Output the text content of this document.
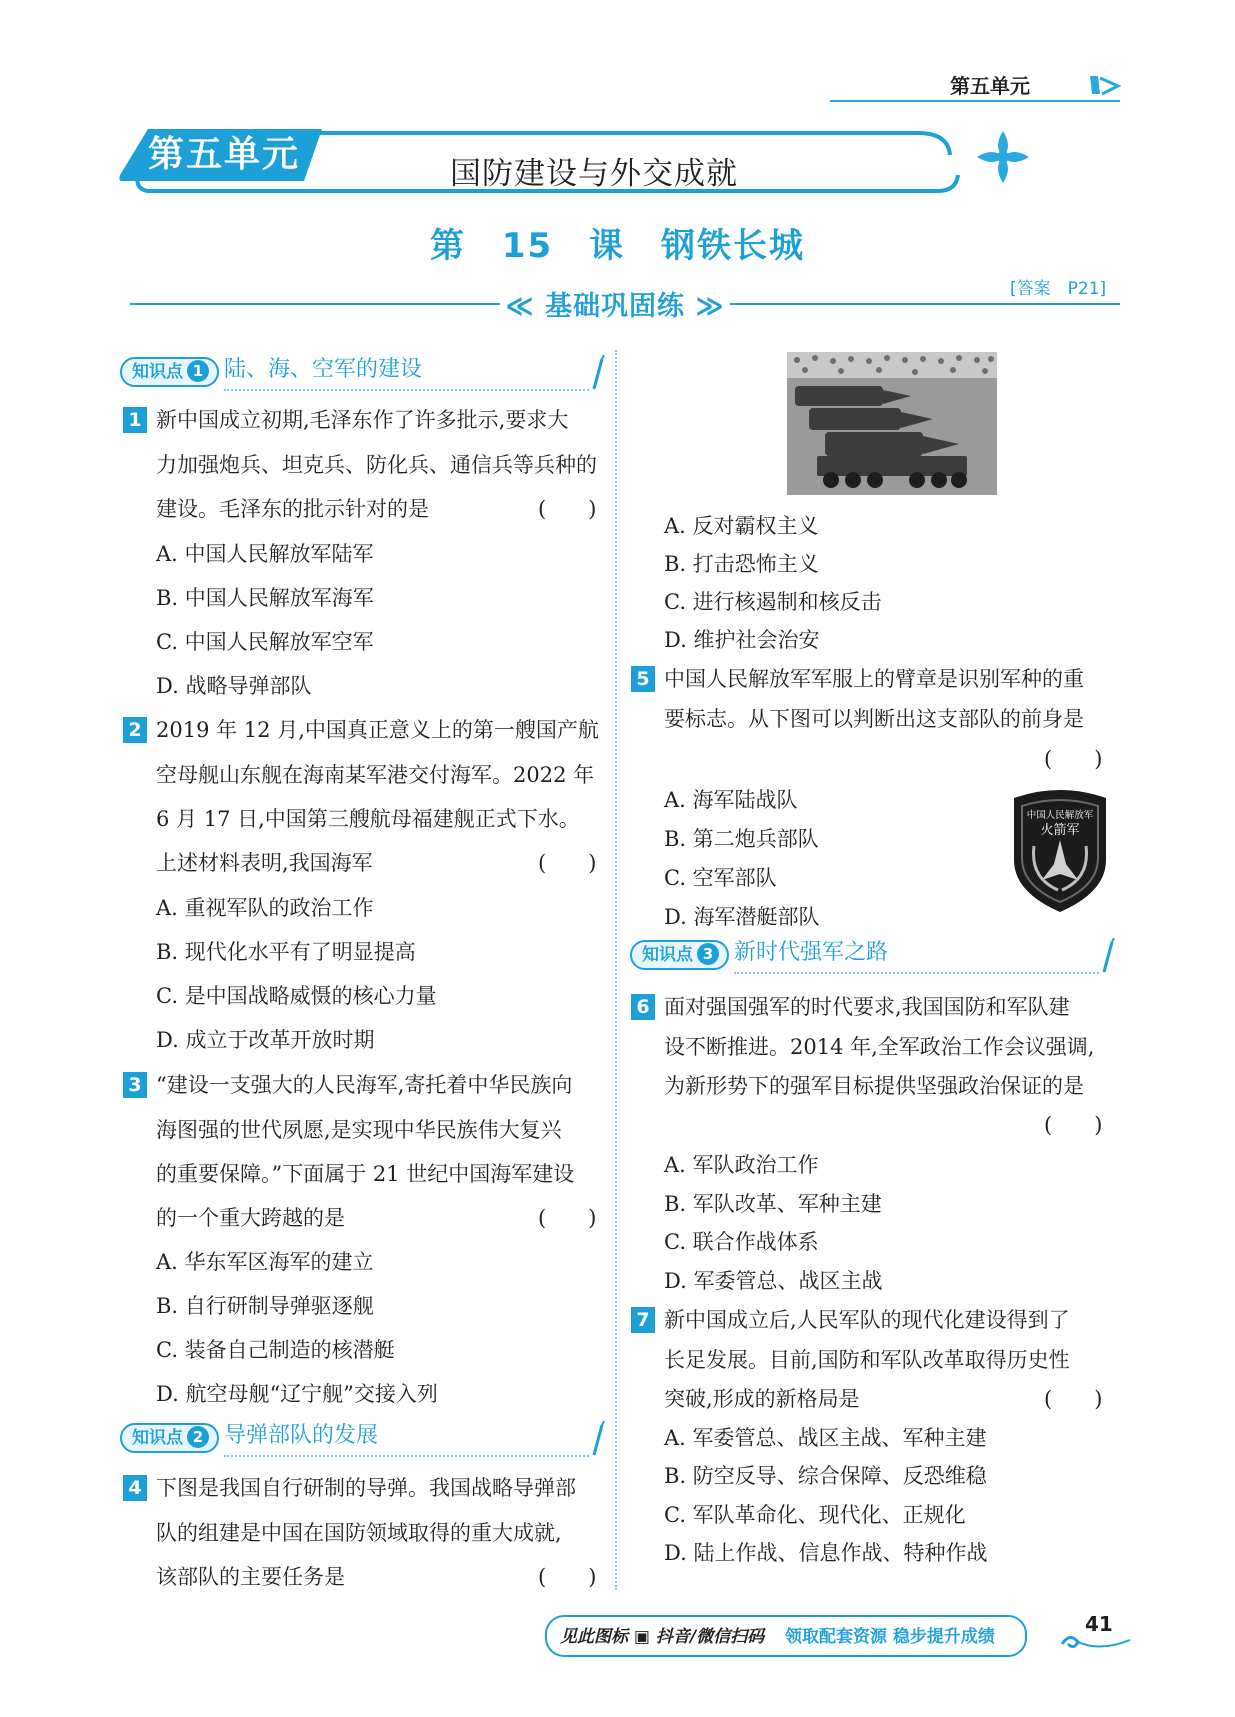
第五单元
第五单元	国防建设与外交成就
第 15 课　钢铁长城
[答案　P21]
≪ 基础巩固练 ≫
知识点 1 陆、海、空军的建设
1 新中国成立初期,毛泽东作了许多批示,要求大
力加强炮兵、坦克兵、防化兵、通信兵等兵种的
建设。毛泽东的批示针对的是	(　　)
A. 中国人民解放军陆军
B. 中国人民解放军海军
C. 中国人民解放军空军
D. 战略导弹部队
2 2019 年 12 月,中国真正意义上的第一艘国产航
空母舰山东舰在海南某军港交付海军。2022 年
6 月 17 日,中国第三艘航母福建舰正式下水。
上述材料表明,我国海军	(　　)
A. 重视军队的政治工作
B. 现代化水平有了明显提高
C. 是中国战略威慑的核心力量
D. 成立于改革开放时期
3 “建设一支强大的人民海军,寄托着中华民族向
海图强的世代夙愿,是实现中华民族伟大复兴
的重要保障。”下面属于 21 世纪中国海军建设
的一个重大跨越的是	(　　)
A. 华东军区海军的建立
B. 自行研制导弹驱逐舰
C. 装备自己制造的核潜艇
D. 航空母舰“辽宁舰”交接入列
知识点 2 导弹部队的发展
4 下图是我国自行研制的导弹。我国战略导弹部
队的组建是中国在国防领域取得的重大成就,
该部队的主要任务是	(　　)
A. 反对霸权主义
B. 打击恐怖主义
C. 进行核遏制和核反击
D. 维护社会治安
5 中国人民解放军军服上的臂章是识别军种的重
要标志。从下图可以判断出这支部队的前身是
(　　)
A. 海军陆战队
B. 第二炮兵部队
C. 空军部队
D. 海军潜艇部队
中国人民解放军
火箭军
知识点 3 新时代强军之路
6 面对强国强军的时代要求,我国国防和军队建
设不断推进。2014 年,全军政治工作会议强调,
为新形势下的强军目标提供坚强政治保证的是
(　　)
A. 军队政治工作
B. 军队改革、军种主建
C. 联合作战体系
D. 军委管总、战区主战
7 新中国成立后,人民军队的现代化建设得到了
长足发展。目前,国防和军队改革取得历史性
突破,形成的新格局是	(　　)
A. 军委管总、战区主战、军种主建
B. 防空反导、综合保障、反恐维稳
C. 军队革命化、现代化、正规化
D. 陆上作战、信息作战、特种作战
见此图标 ▣ 抖音/微信扫码 领取配套资源 稳步提升成绩
41
